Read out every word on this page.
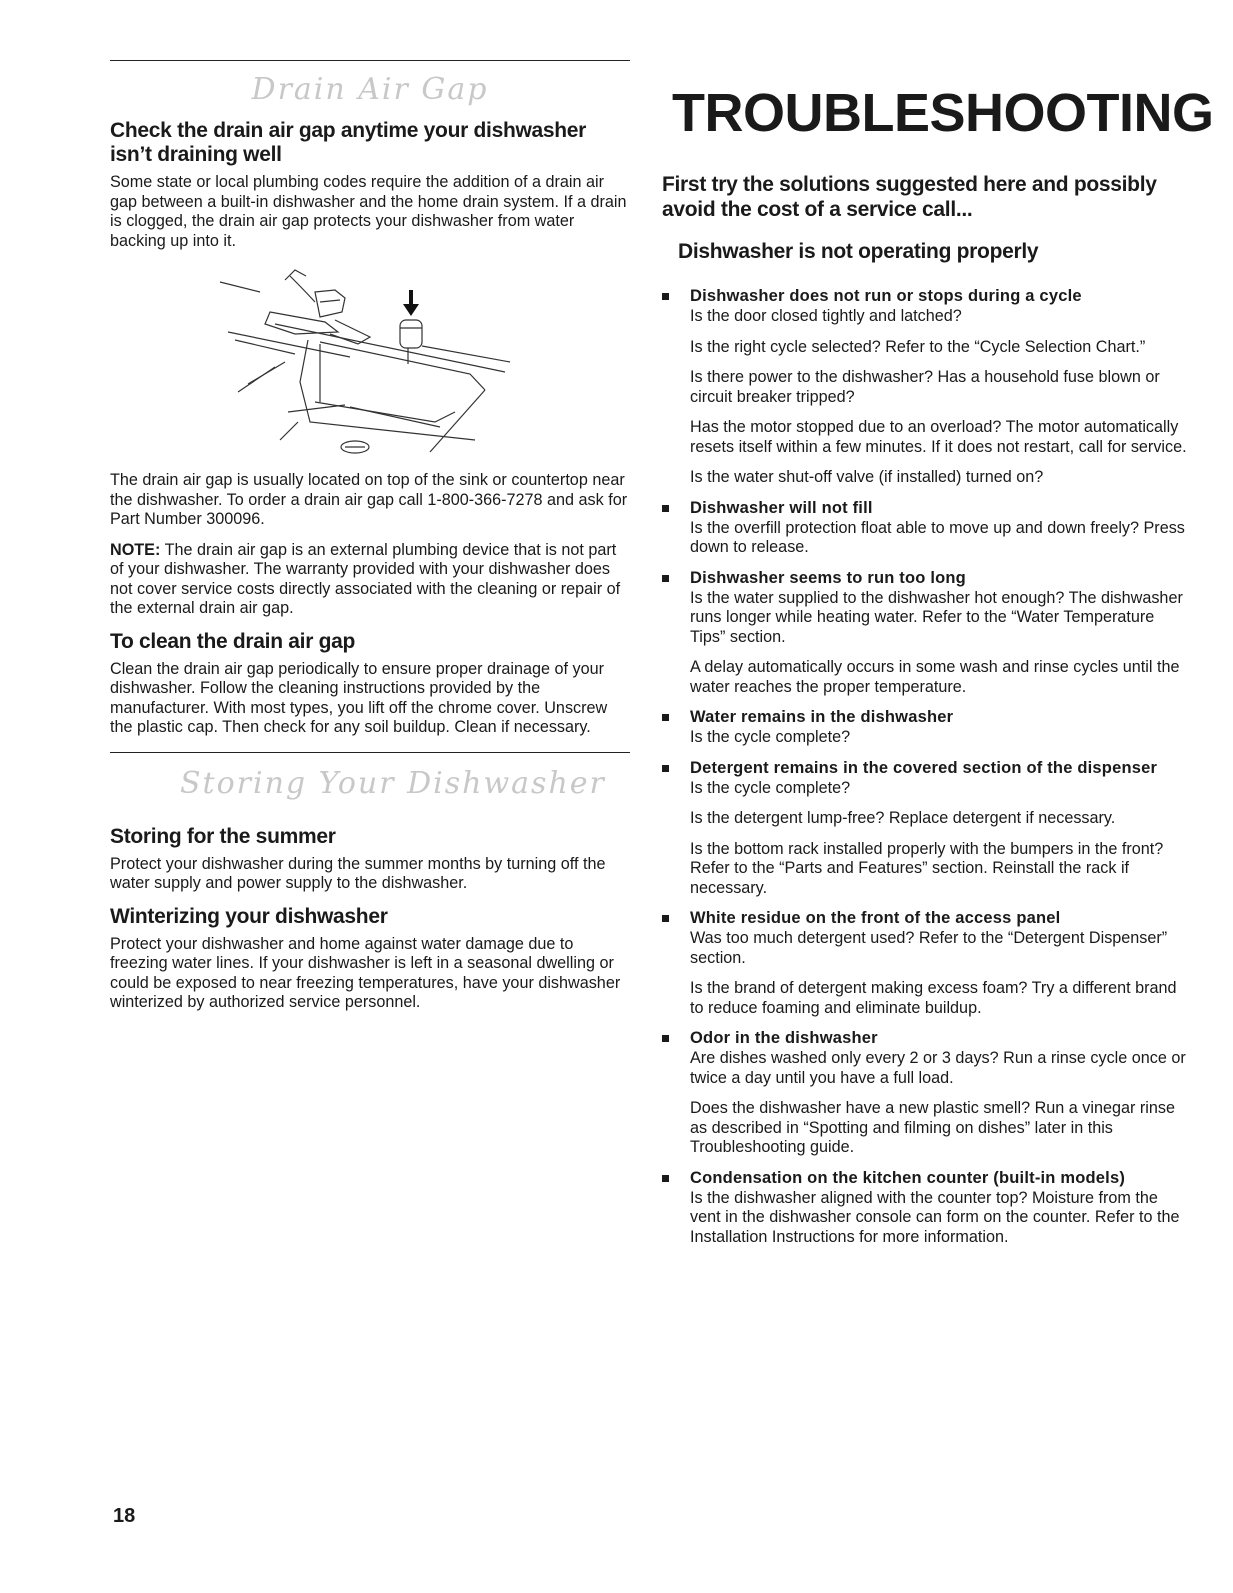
Drain Air Gap
Check the drain air gap anytime your dishwasher isn’t draining well

Some state or local plumbing codes require the addition of a drain air gap between a built-in dishwasher and the home drain system. If a drain is clogged, the drain air gap protects your dishwasher from water backing up into it.

The drain air gap is usually located on top of the sink or countertop near the dishwasher. To order a drain air gap call 1-800-366-7278 and ask for Part Number 300096.

NOTE: The drain air gap is an external plumbing device that is not part of your dishwasher. The warranty provided with your dishwasher does not cover service costs directly associated with the cleaning or repair of the external drain air gap.

To clean the drain air gap

Clean the drain air gap periodically to ensure proper drainage of your dishwasher. Follow the cleaning instructions provided by the manufacturer. With most types, you lift off the chrome cover. Unscrew the plastic cap. Then check for any soil buildup. Clean if necessary.

Storing Your Dishwasher
Storing for the summer

Protect your dishwasher during the summer months by turning off the water supply and power supply to the dishwasher.

Winterizing your dishwasher

Protect your dishwasher and home against water damage due to freezing water lines. If your dishwasher is left in a seasonal dwelling or could be exposed to near freezing temperatures, have your dishwasher winterized by authorized service personnel.

TROUBLESHOOTING
First try the solutions suggested here and possibly avoid the cost of a service call...
Dishwasher is not operating properly
Dishwasher does not run or stops during a cycle

Is the door closed tightly and latched?

Is the right cycle selected? Refer to the “Cycle Selection Chart.”

Is there power to the dishwasher? Has a household fuse blown or circuit breaker tripped?

Has the motor stopped due to an overload? The motor automatically resets itself within a few minutes. If it does not restart, call for service.

Is the water shut-off valve (if installed) turned on?

Dishwasher will not fill

Is the overfill protection float able to move up and down freely? Press down to release.

Dishwasher seems to run too long

Is the water supplied to the dishwasher hot enough? The dishwasher runs longer while heating water. Refer to the “Water Temperature Tips” section.

A delay automatically occurs in some wash and rinse cycles until the water reaches the proper temperature.

Water remains in the dishwasher

Is the cycle complete?

Detergent remains in the covered section of the dispenser

Is the cycle complete?

Is the detergent lump-free? Replace detergent if necessary.

Is the bottom rack installed properly with the bumpers in the front? Refer to the “Parts and Features” section. Reinstall the rack if necessary.

White residue on the front of the access panel

Was too much detergent used? Refer to the “Detergent Dispenser” section.

Is the brand of detergent making excess foam? Try a different brand to reduce foaming and eliminate buildup.

Odor in the dishwasher

Are dishes washed only every 2 or 3 days? Run a rinse cycle once or twice a day until you have a full load.

Does the dishwasher have a new plastic smell? Run a vinegar rinse as described in “Spotting and filming on dishes” later in this Troubleshooting guide.

Condensation on the kitchen counter (built-in models)

Is the dishwasher aligned with the counter top? Moisture from the vent in the dishwasher console can form on the counter. Refer to the Installation Instructions for more information.

18
